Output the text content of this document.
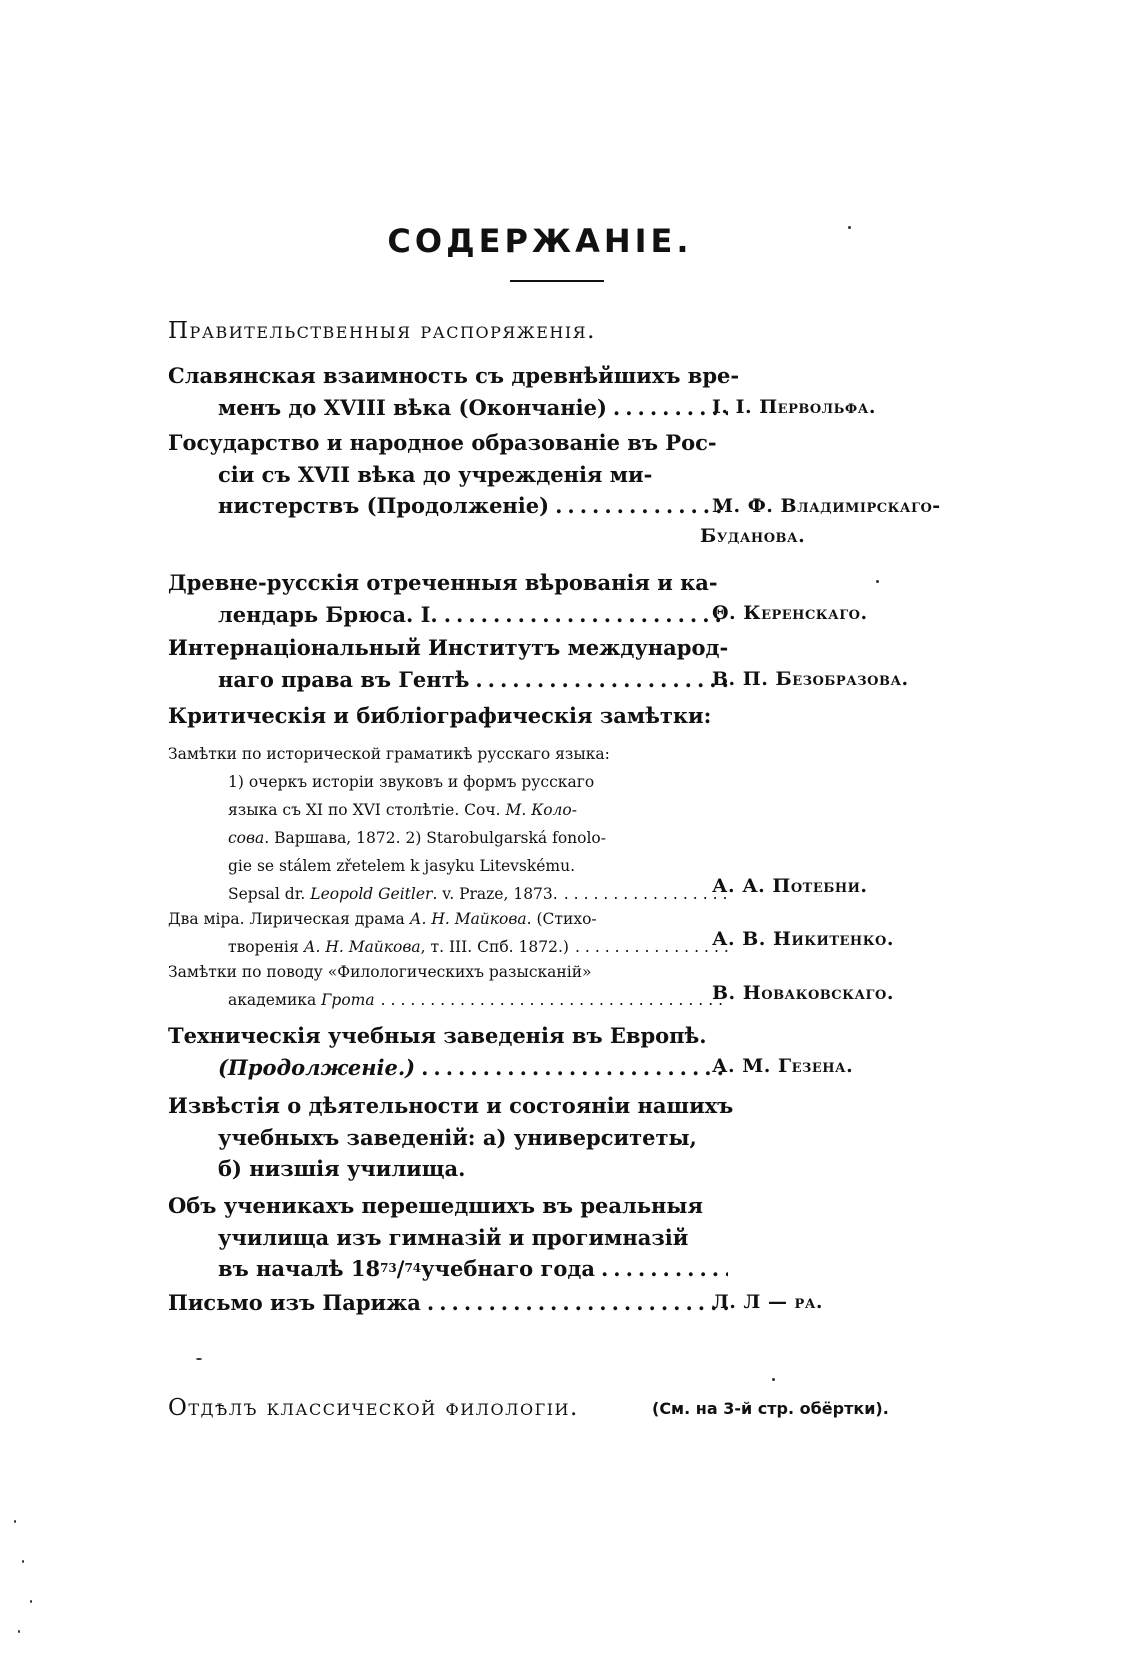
СОДЕРЖАНІЕ.
Правительственныя распоряженія.
Славянская взаимность съ древнѣйшихъ вре-
менъ до XVIII вѣка (Окончаніе) .....	І. І. Первольфа.
Государство и народное образованіе въ Рос-
сіи съ XVII вѣка до учрежденія ми-
нистерствъ (Продолженіе) .....	М. Ф. Владимірскаго-
Буданова.
Древне-русскія отреченныя вѣрованія и ка-
лендарь Брюса. І. .....	Θ. Керенскаго.
Интернаціональный Институтъ международ-
наго права въ Гентѣ .....	В. П. Безобразова.
Критическія и библіографическія замѣтки:
Замѣтки по исторической граматикѣ русскаго языка:
1) очеркъ исторіи звуковъ и формъ русскаго
языка съ XI по XVI столѣтіе. Соч. М. Коло-
сова. Варшава, 1872. 2) Starobulgarská fonolo-
gie se stálem zřetelem k jasyku Litevskému.
Sepsal dr.
Leopold Geitler . v. Praze, 1873. .....	А. А. Потебни.
Два міра. Лирическая драма А. Н. Майкова. (Стихо-
творенія
А. Н. Майкова , т. III. Спб. 1872.) .....	А. В. Никитенко.
Замѣтки по поводу «Филологическихъ разысканій»
академика
Грота .....	В. Новаковскаго.
Техническія учебныя заведенія въ Европѣ.
(Продолженіе.) .....	А. М. Гезена.
Извѣстія о дѣятельности и состояніи нашихъ
учебныхъ заведеній: а) университеты,
б) низшія училища.
Объ ученикахъ перешедшихъ въ реальныя
училища изъ гимназій и прогимназій
въ началѣ 18 73 / 74 учебнаго года
.....
Письмо изъ Парижа .....	Л. Л — ра.
Отдѣлъ классической филологіи.	(См. на 3-й стр. обёртки).
